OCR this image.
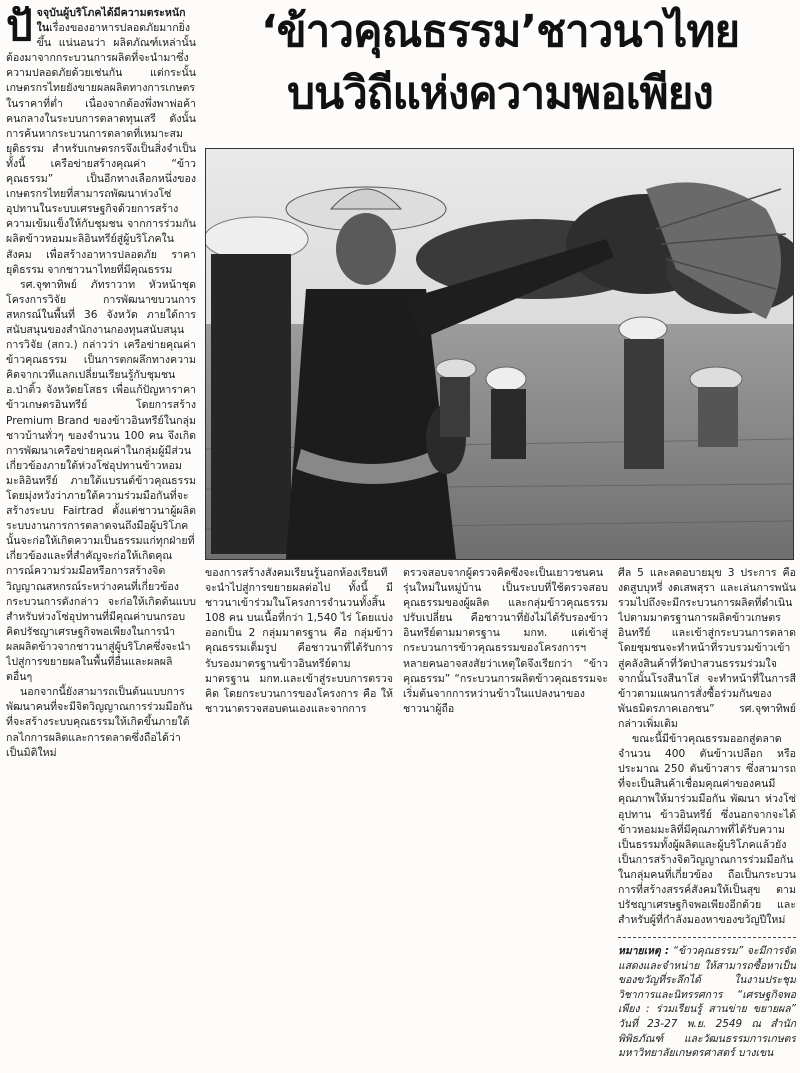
‘ข้าวคุณธรรม’ชาวนาไทย
บนวิถีแห่งความพอเพียง
ปั จจุบันผู้บริโภคได้มีความตระหนักในเรื่องของอาหารปลอดภัยมากยิ่งขึ้น แน่นอนว่า ผลิตภัณฑ์เหล่านั้นต้องมาจากกระบวนการผลิตที่จะนำมาซึ่งความปลอดภัยด้วยเช่นกัน แต่กระนั้นเกษตรกรไทยยังขายผลผลิตทางการเกษตรในราคาที่ต่ำ เนื่องจากต้องพึ่งพาพ่อค้าคนกลางในระบบการตลาดทุนเสรี ดังนั้นการค้นหากระบวนการตลาดที่เหมาะสม ยุติธรรม สำหรับเกษตรกรจึงเป็นสิ่งจำเป็น ทั้งนี้ เครือข่ายสร้างคุณค่า “ข้าวคุณธรรม” เป็นอีกทางเลือกหนึ่งของเกษตรกรไทยที่สามารถพัฒนาห่วงโซ่อุปทานในระบบเศรษฐกิจด้วยการสร้างความเข้มแข็งให้กับชุมชน จากการร่วมกันผลิตข้าวหอมมะลิอินทรีย์สู่ผู้บริโภคในสังคม เพื่อสร้างอาหารปลอดภัย ราคายุติธรรม จากชาวนาไทยที่มีคุณธรรม

รศ.จุฑาทิพย์ ภัทราวาท หัวหน้าชุดโครงการวิจัย การพัฒนาขบวนการสหกรณ์ในพื้นที่ 36 จังหวัด ภายใต้การสนับสนุนของสำนักงานกองทุนสนับสนุนการวิจัย (สกว.) กล่าวว่า เครือข่ายคุณค่าข้าวคุณธรรม เป็นการตกผลึกทางความคิดจากเวทีแลกเปลี่ยนเรียนรู้กับชุมชน อ.ป่าติ้ว จังหวัดยโสธร เพื่อแก้ปัญหาราคาข้าวเกษตรอินทรีย์ โดยการสร้าง Premium Brand ของข้าวอินทรีย์ในกลุ่มชาวบ้านทั่วๆ ของจำนวน 100 คน จึงเกิดการพัฒนาเครือข่ายคุณค่าในกลุ่มผู้มีส่วนเกี่ยวข้องภายใต้ห่วงโซ่อุปทานข้าวหอมมะลิอินทรีย์ ภายใต้แบรนด์ข้าวคุณธรรม โดยมุ่งหวังว่าภายใต้ความร่วมมือกันที่จะสร้างระบบ Fairtrad ตั้งแต่ชาวนาผู้ผลิต ระบบงานการการตลาดจนถึงมือผู้บริโภค นั้นจะก่อให้เกิดความเป็นธรรมแก่ทุกฝ่ายที่เกี่ยวข้องและที่สำคัญจะก่อให้เกิดคุณการณ์ความร่วมมือหรือการสร้างจิตวิญญาณสหกรณ์ระหว่างคนที่เกี่ยวข้อง กระบวนการดังกล่าว จะก่อให้เกิดต้นแบบ สำหรับห่วงโซ่อุปทานที่มีคุณค่าบนกรอบคิดปรัชญาเศรษฐกิจพอเพียงในการนำผลผลิตข้าวจากชาวนาสู่ผู้บริโภคซึ่งจะนำไปสู่การขยายผลในพื้นที่อื่นและผลผลิตอื่นๆ

นอกจากนี้ยังสามารถเป็นต้นแบบการพัฒนาคนที่จะมีจิตวิญญาณการร่วมมือกัน ที่จะสร้างระบบคุณธรรมให้เกิดขึ้นภายใต้กลไกการผลิตและการตลาดซึ่งถือได้ว่าเป็นมิติใหม่

ของการสร้างสังคมเรียนรู้นอกห้องเรียนที่จะนำไปสู่การขยายผลต่อไป ทั้งนี้ มีชาวนาเข้าร่วมในโครงการจำนวนทั้งสิ้น 108 คน บนเนื้อที่กว่า 1,540 ไร่ โดยแบ่งออกเป็น 2 กลุ่มมาตรฐาน คือ กลุ่มข้าวคุณธรรมเต็มรูป คือชาวนาที่ได้รับการรับรองมาตรฐานข้าวอินทรีย์ตามมาตรฐาน มกท.และเข้าสู่ระบบการตรวจคิด โดยกระบวนการของโครงการ คือ ให้ชาวนาตรวจสอบตนเองและจากการ

ตรวจสอบจากผู้ตรวจคิดซึ่งจะเป็นเยาวชนคนรุ่นใหม่ในหมู่บ้าน เป็นระบบที่ใช้ตรวจสอบคุณธรรมของผู้ผลิต และกลุ่มข้าวคุณธรรมปรับเปลี่ยน คือชาวนาที่ยังไม่ได้รับรองข้าวอินทรีย์ตามมาตรฐาน มกท. แต่เข้าสู่กระบวนการข้าวคุณธรรมของโครงการฯ หลายคนอาจสงสัยว่าเหตุใดจึงเรียกว่า “ข้าวคุณธรรม” “กระบวนการผลิตข้าวคุณธรรมจะเริ่มต้นจากการหว่านข้าวในแปลงนาของ ชาวนาผู้ถือ

ศีล 5 และลดอบายมุข 3 ประการ คือ งดสูบบุหรี่ งดเสพสุรา และเล่นการพนัน รวมไปถึงจะมีกระบวนการผลิตที่ดำเนินไปตามมาตรฐานการผลิตข้าวเกษตรอินทรีย์ และเข้าสู่กระบวนการตลาดโดยชุมชนจะทำหน้าที่รวบรวมข้าวเข้าสู่คลังสินค้าที่วัดป่าสวนธรรมร่วมใจ จากนั้นโรงสีนาโส่ จะทำหน้าที่ในการสีข้าวตามแผนการสั่งซื้อร่วมกันของพันธมิตรภาคเอกชน” รศ.จุฑาทิพย์ กล่าวเพิ่มเติม

ขณะนี้มีข้าวคุณธรรมออกสู่ตลาดจำนวน 400 ตันข้าวเปลือก หรือประมาณ 250 ตันข้าวสาร ซึ่งสามารถที่จะเป็นสินค้าเชื่อมคุณค่าของคนมีคุณภาพให้มาร่วมมือกัน พัฒนา ห่วงโซ่อุปทาน ข้าวอินทรีย์ ซึ่งนอกจากจะได้ข้าวหอมมะลิที่มีคุณภาพที่ได้รับความเป็นธรรมทั้งผู้ผลิตและผู้บริโภคแล้วยังเป็นการสร้างจิตวิญญาณการร่วมมือกันในกลุ่มคนที่เกี่ยวข้อง ถือเป็นกระบวนการที่สร้างสรรค์สังคมให้เป็นสุข ตามปรัชญาเศรษฐกิจพอเพียงอีกด้วย และสำหรับผู้ที่กำลังมองหาของขวัญปีใหม่

หมายเหตุ : “ข้าวคุณธรรม” จะมีการจัดแสดงและจำหน่าย ให้สามารถซื้อหาเป็นของขวัญที่ระลึกได้ ในงานประชุมวิชาการและนิทรรศการ “เศรษฐกิจพอเพียง : ร่วมเรียนรู้ สานข่าย ขยายผล” วันที่ 23-27 พ.ย. 2549 ณ สำนักพิพิธภัณฑ์ และวัฒนธรรมการเกษตร มหาวิทยาลัยเกษตรศาสตร์ บางเขน
